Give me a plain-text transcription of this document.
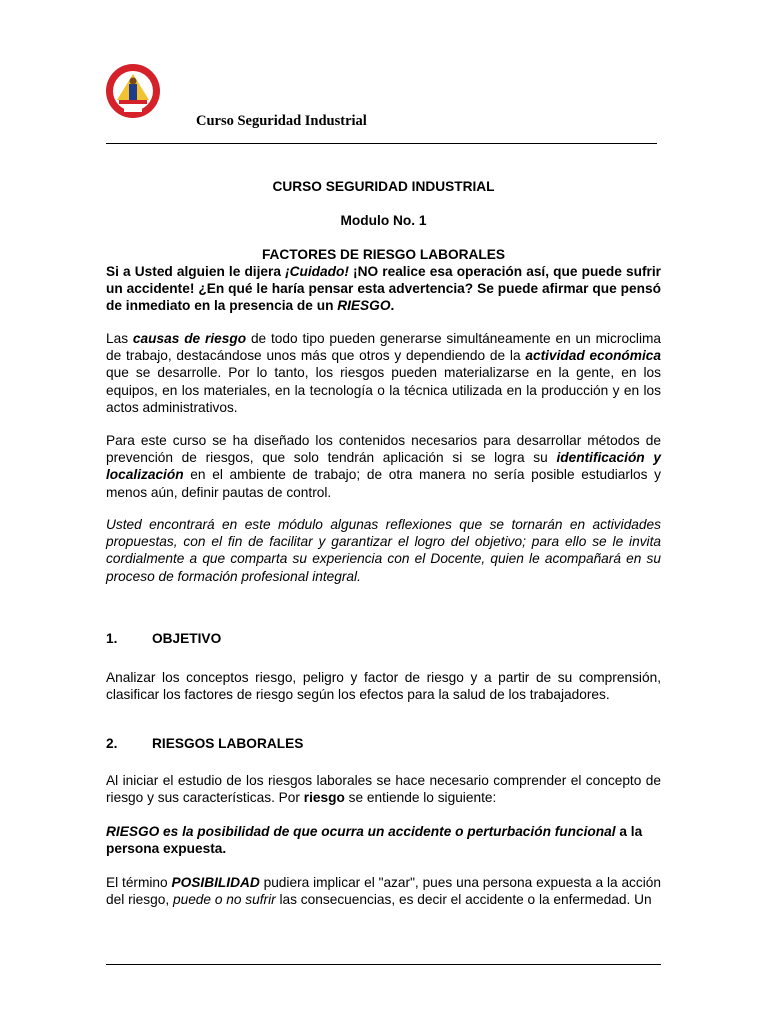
Curso Seguridad Industrial
CURSO SEGURIDAD INDUSTRIAL
Modulo No. 1
FACTORES DE RIESGO LABORALES

Si a Usted alguien le dijera ¡Cuidado! ¡NO realice esa operación así, que puede sufrir un accidente! ¿En qué le haría pensar esta advertencia? Se puede afirmar que pensó de inmediato en la presencia de un RIESGO.

Las causas de riesgo de todo tipo pueden generarse simultáneamente en un microclima de trabajo, destacándose unos más que otros y dependiendo de la actividad económica que se desarrolle. Por lo tanto, los riesgos pueden materializarse en la gente, en los equipos, en los materiales, en la tecnología o la técnica utilizada en la producción y en los actos administrativos.

Para este curso se ha diseñado los contenidos necesarios para desarrollar métodos de prevención de riesgos, que solo tendrán aplicación si se logra su identificación y localización en el ambiente de trabajo; de otra manera no sería posible estudiarlos y menos aún, definir pautas de control.

Usted encontrará en este módulo algunas reflexiones que se tornarán en actividades propuestas, con el fin de facilitar y garantizar el logro del objetivo; para ello se le invita cordialmente a que comparta su experiencia con el Docente, quien le acompañará en su proceso de formación profesional integral.

1.	OBJETIVO

Analizar los conceptos riesgo, peligro y factor de riesgo y a partir de su comprensión, clasificar los factores de riesgo según los efectos para la salud de los trabajadores.

2.	RIESGOS LABORALES

Al iniciar el estudio de los riesgos laborales se hace necesario comprender el concepto de riesgo y sus características. Por riesgo se entiende lo siguiente:

RIESGO es la posibilidad de que ocurra un accidente o perturbación funcional a la persona expuesta.

El término POSIBILIDAD pudiera implicar el "azar", pues una persona expuesta a la acción del riesgo, puede o no sufrir las consecuencias, es decir el accidente o la enfermedad. Un
